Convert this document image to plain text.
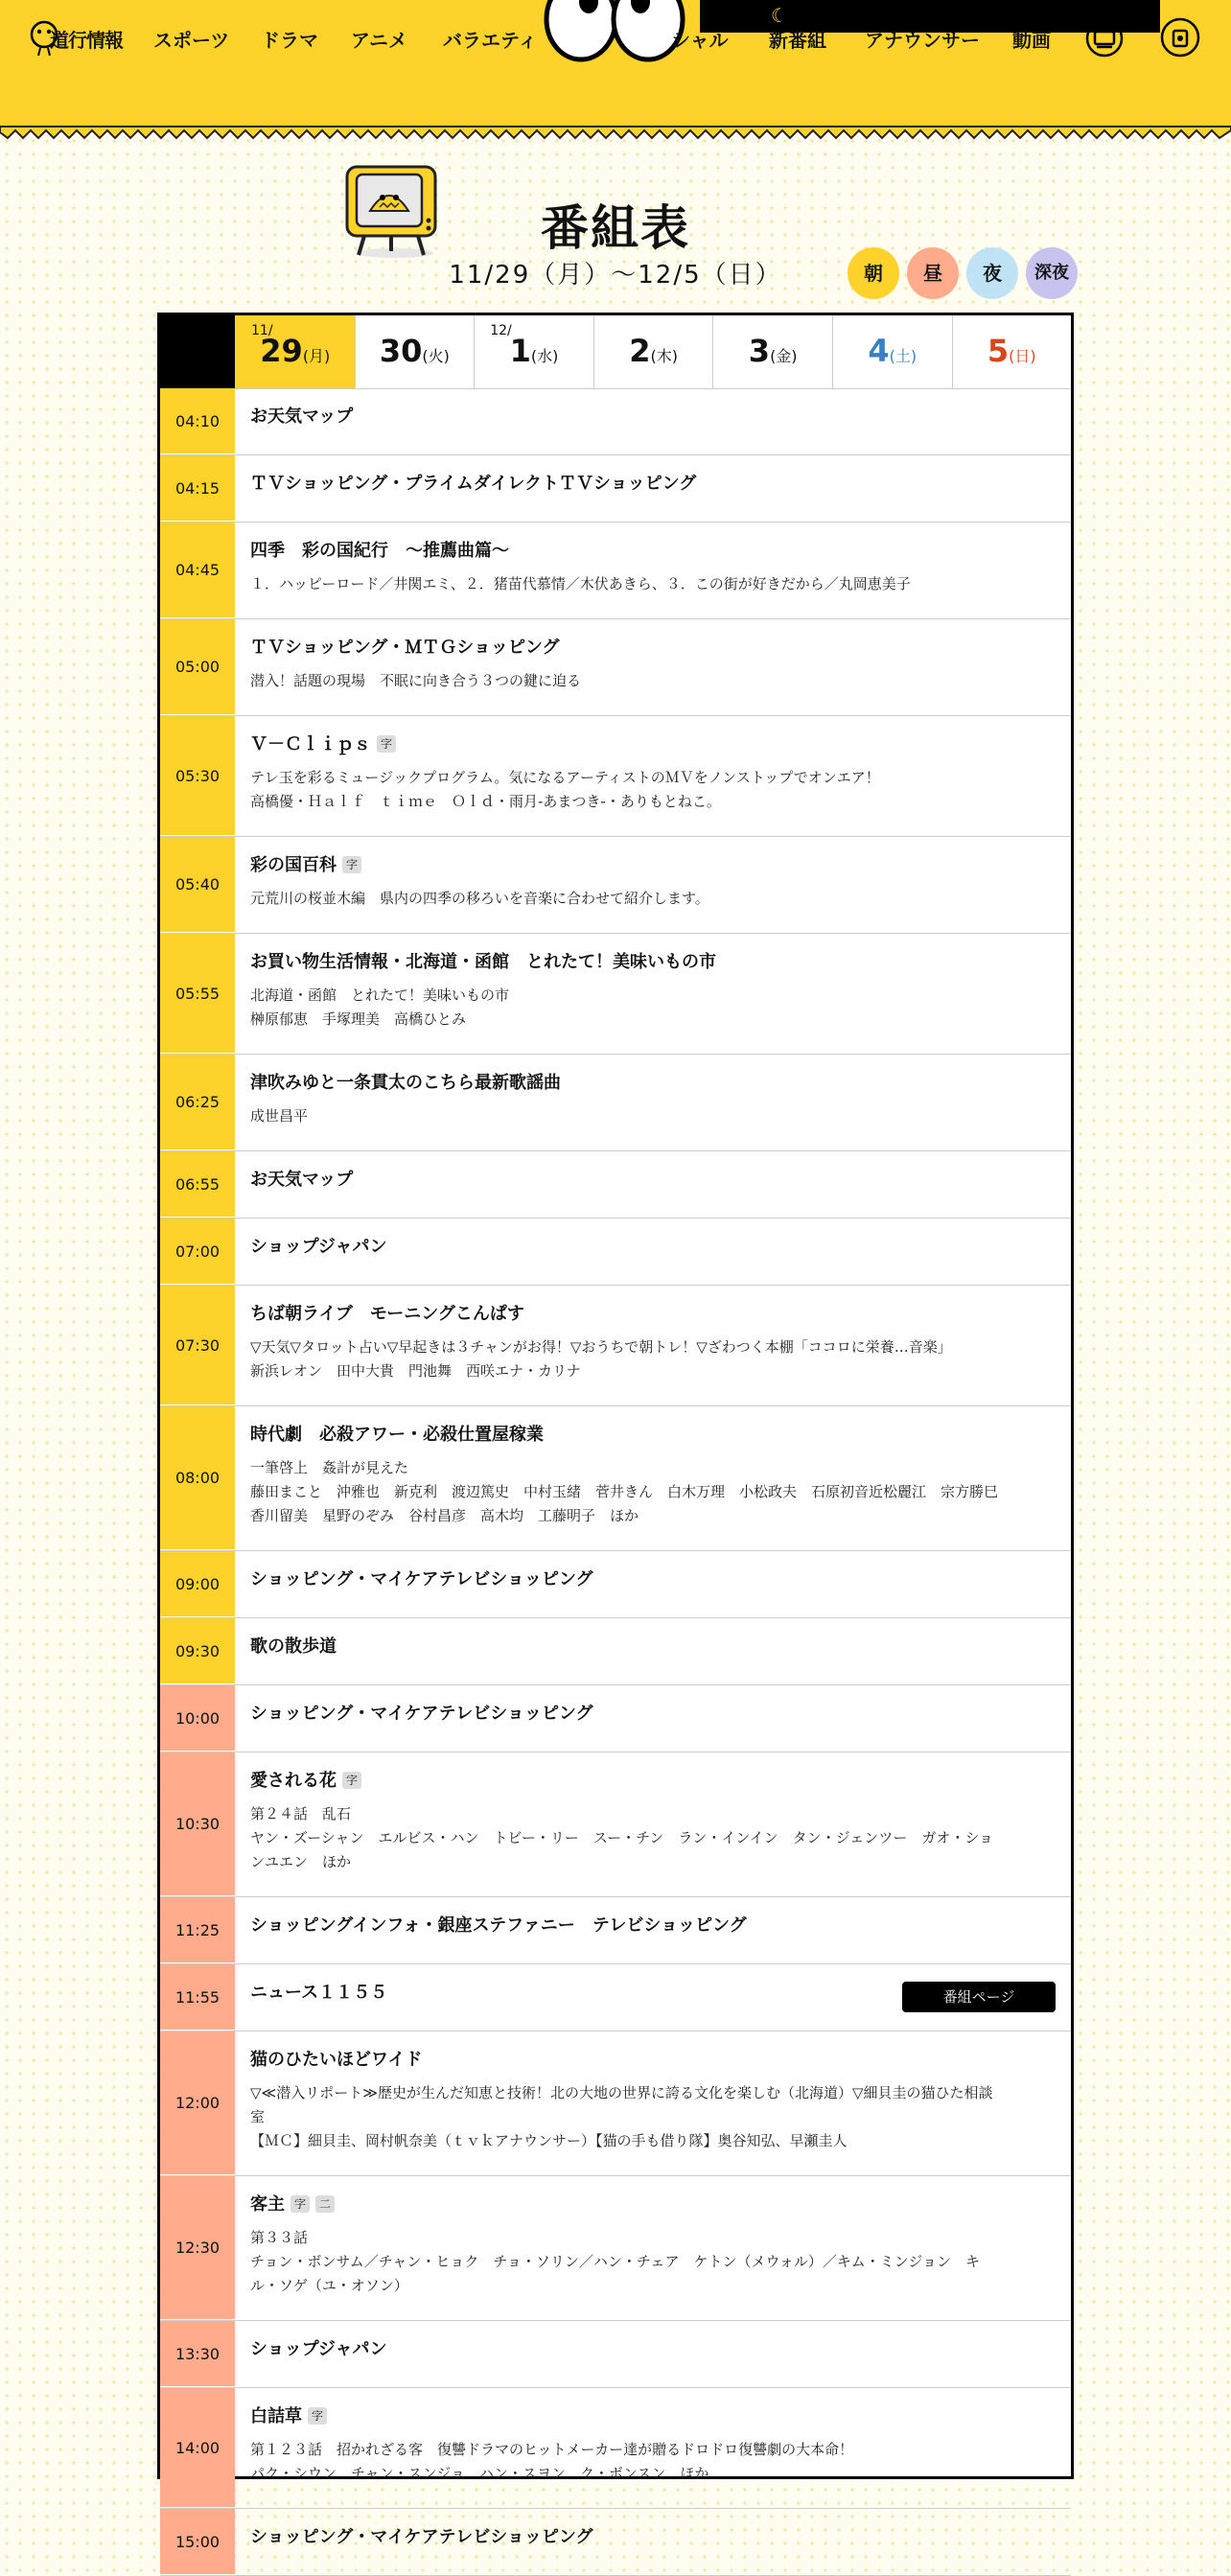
道行情報 スポーツ ドラマ アニメ バラエティ
☾
シャル 新番組 アナウンサー 動画
番組表
11/29（月）〜12/5（日）	朝	昼	夜	深夜
11/
29(月)	30(火)
12/
1(水)	2(木)	3(金)	4(土)	5(日)
04:10	お天気マップ
04:15	ＴＶショッピング・プライムダイレクトＴＶショッピング
04:45
四季　彩の国紀行　～推薦曲篇～
１．ハッピーロード／井関エミ、２．猪苗代慕情／木伏あきら、３．この街が好きだから／丸岡恵美子
05:00
ＴＶショッピング・ＭＴＧショッピング
潜入！話題の現場　不眠に向き合う３つの鍵に迫る
05:30
Ｖ－Ｃｌｉｐｓ 字
テレ玉を彩るミュージックプログラム。気になるアーティストのＭＶをノンストップでオンエア！
高橋優・Ｈａｌｆ　ｔｉｍｅ　Ｏｌｄ・雨月-あまつき-・ありもとねこ。
05:40
彩の国百科 字
元荒川の桜並木編　県内の四季の移ろいを音楽に合わせて紹介します。
05:55
お買い物生活情報・北海道・函館　とれたて！美味いもの市
北海道・函館　とれたて！美味いもの市
榊原郁恵　手塚理美　高橋ひとみ
06:25
津吹みゆと一条貫太のこちら最新歌謡曲
成世昌平
06:55	お天気マップ
07:00	ショップジャパン
07:30
ちば朝ライブ　モーニングこんぱす
▽天気▽タロット占い▽早起きは３チャンがお得！▽おうちで朝トレ！▽ざわつく本棚「ココロに栄養…音楽」
新浜レオン　田中大貴　門池舞　西咲エナ・カリナ
08:00
時代劇　必殺アワー・必殺仕置屋稼業
一筆啓上　姦計が見えた
藤田まこと　沖雅也　新克利　渡辺篤史　中村玉緒　菅井きん　白木万理　小松政夫　石原初音近松麗江　宗方勝巳
香川留美　星野のぞみ　谷村昌彦　高木均　工藤明子　ほか
09:00	ショッピング・マイケアテレビショッピング
09:30	歌の散歩道
10:00	ショッピング・マイケアテレビショッピング
10:30
愛される花 字
第２４話　乱石
ヤン・ズーシャン　エルビス・ハン　トビー・リー　スー・チン　ラン・インイン　タン・ジェンツー　ガオ・ショ
ンユエン　ほか
11:25	ショッピングインフォ・銀座ステファニー　テレビショッピング
11:55	ニュース１１５５	番組ページ
12:00
猫のひたいほどワイド
▽≪潜入リポート≫歴史が生んだ知恵と技術！北の大地の世界に誇る文化を楽しむ（北海道）▽細貝圭の猫ひた相談
室
【ＭＣ】細貝圭、岡村帆奈美（ｔｖｋアナウンサー）【猫の手も借り隊】奥谷知弘、早瀬圭人
12:30
客主 字 二
第３３話
チョン・ボンサム／チャン・ヒョク　チョ・ソリン／ハン・チェア　ケトン（メウォル）／キム・ミンジョン　キ
ル・ソゲ（ユ・オソン）
13:30	ショップジャパン
14:00
白詰草 字
第１２３話　招かれざる客　復讐ドラマのヒットメーカー達が贈るドロドロ復讐劇の大本命！
パク・シウン　チャン・スンジョ　ハン・スヨン　ク・ボンスン　ほか
15:00	ショッピング・マイケアテレビショッピング
